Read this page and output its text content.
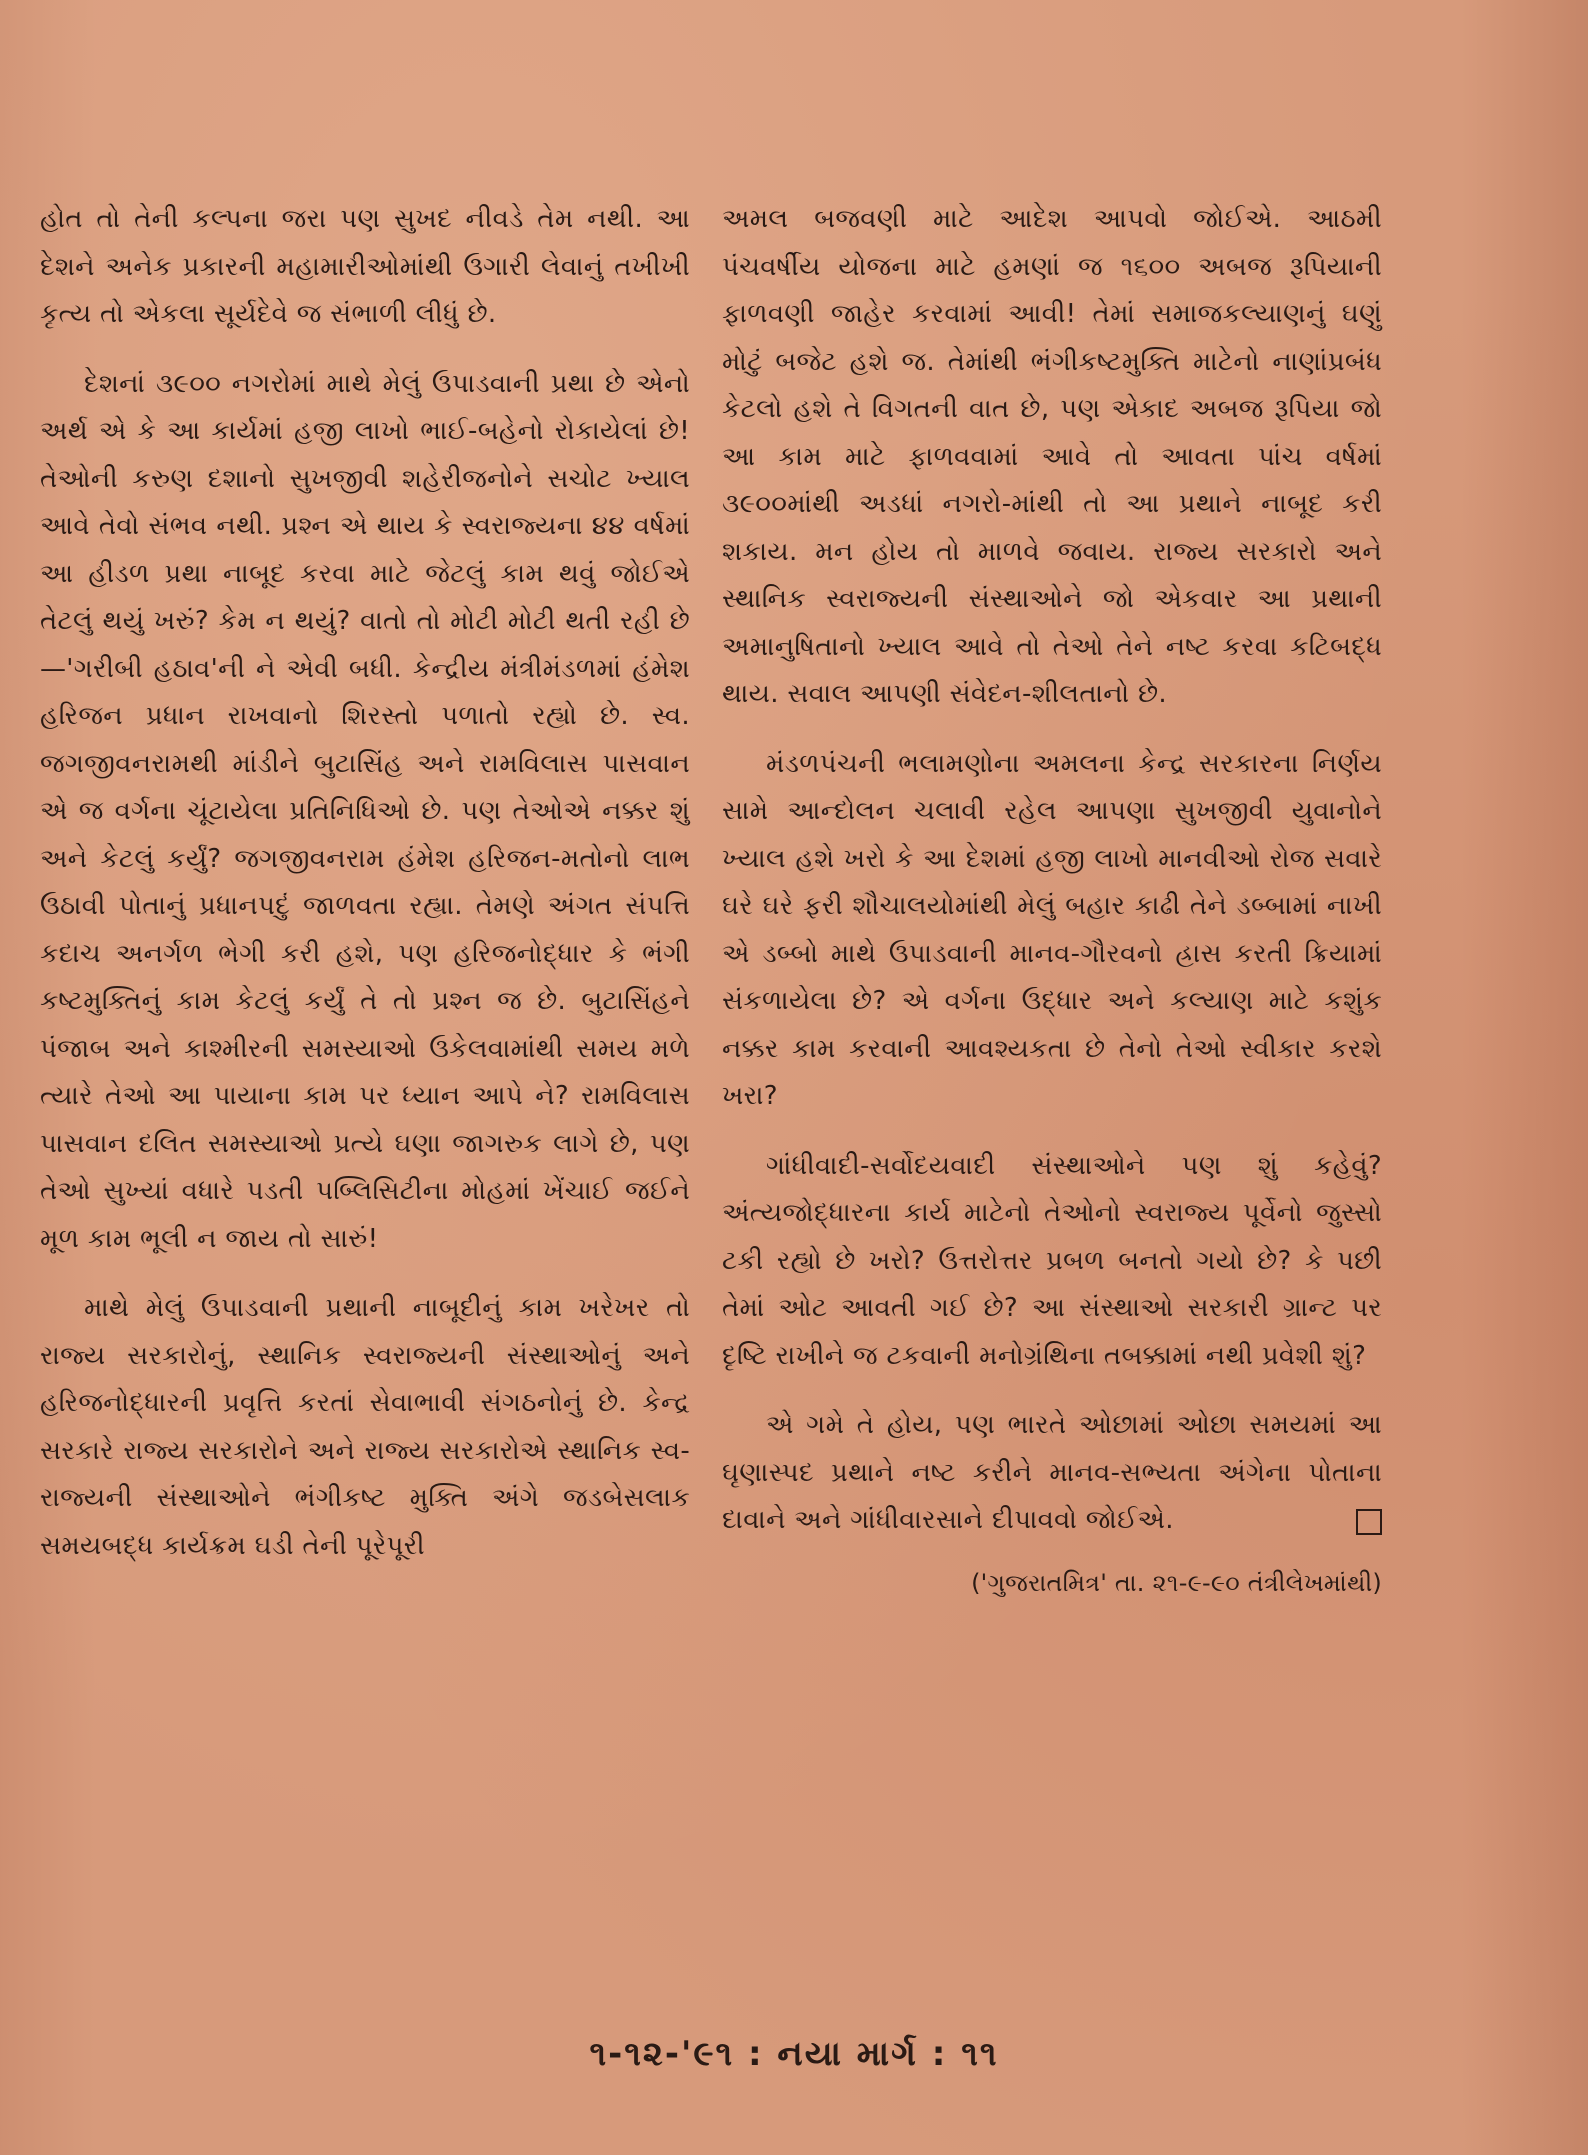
હોત તો તેની કલ્પના જરા પણ સુખદ નીવડે તેમ નથી. આ દેશને અનેક પ્રકારની મહામારીઓમાંથી ઉગારી લેવાનું તખીખી કૃત્ય તો એકલા સૂર્યદેવે જ સંભાળી લીધું છે.

દેશનાં ૩૯૦૦ નગરોમાં માથે મેલું ઉપાડવાની પ્રથા છે એનો અર્થ એ કે આ કાર્યમાં હજી લાખો ભાઈ-બહેનો રોકાયેલાં છે! તેઓની કરુણ દશાનો સુખજીવી શહેરીજનોને સચોટ ખ્યાલ આવે તેવો સંભવ નથી. પ્રશ્ન એ થાય કે સ્વરાજ્યના ૪૪ વર્ષમાં આ હીડળ પ્રથા નાબૂદ કરવા માટે જેટલું કામ થવું જોઈએ તેટલું થયું ખરું? કેમ ન થયું? વાતો તો મોટી મોટી થતી રહી છે—'ગરીબી હઠાવ'ની ને એવી બધી. કેન્દ્રીય મંત્રીમંડળમાં હંમેશ હરિજન પ્રધાન રાખવાનો શિરસ્તો પળાતો રહ્યો છે. સ્વ. જગજીવનરામથી માંડીને બુટાસિંહ અને રામવિલાસ પાસવાન એ જ વર્ગના ચૂંટાયેલા પ્રતિનિધિઓ છે. પણ તેઓએ નક્કર શું અને કેટલું કર્યું? જગજીવનરામ હંમેશ હરિજન-મતોનો લાભ ઉઠાવી પોતાનું પ્રધાનપદું જાળવતા રહ્યા. તેમણે અંગત સંપત્તિ કદાચ અનર્ગળ ભેગી કરી હશે, પણ હરિજનોદ્ધાર કે ભંગી કષ્ટમુક્તિનું કામ કેટલું કર્યું તે તો પ્રશ્ન જ છે. બુટાસિંહને પંજાબ અને કાશ્મીરની સમસ્યાઓ ઉકેલવામાંથી સમય મળે ત્યારે તેઓ આ પાયાના કામ પર ધ્યાન આપે ને? રામવિલાસ પાસવાન દલિત સમસ્યાઓ પ્રત્યે ઘણા જાગરુક લાગે છે, પણ તેઓ સુખ્યાં વધારે પડતી પબ્લિસિટીના મોહમાં ખેંચાઈ જઈને મૂળ કામ ભૂલી ન જાય તો સારું!

માથે મેલું ઉપાડવાની પ્રથાની નાબૂદીનું કામ ખરેખર તો રાજ્ય સરકારોનું, સ્થાનિક સ્વરાજ્યની સંસ્થાઓનું અને હરિજનોદ્ધારની પ્રવૃત્તિ કરતાં સેવાભાવી સંગઠનોનું છે. કેન્દ્ર સરકારે રાજ્ય સરકારોને અને રાજ્ય સરકારોએ સ્થાનિક સ્વ-રાજ્યની સંસ્થાઓને ભંગીકષ્ટ મુક્તિ અંગે જડબેસલાક સમયબદ્ધ કાર્યક્રમ ઘડી તેની પૂરેપૂરી

અમલ બજવણી માટે આદેશ આપવો જોઈએ. આઠમી પંચવર્ષીય યોજના માટે હમણાં જ ૧૬૦૦ અબજ રૂપિયાની ફાળવણી જાહેર કરવામાં આવી! તેમાં સમાજકલ્યાણનું ઘણું મોટું બજેટ હશે જ. તેમાંથી ભંગીકષ્ટમુક્તિ માટેનો નાણાંપ્રબંધ કેટલો હશે તે વિગતની વાત છે, પણ એકાદ અબજ રૂપિયા જો આ કામ માટે ફાળવવામાં આવે તો આવતા પાંચ વર્ષમાં ૩૯૦૦માંથી અડધાં નગરો-માંથી તો આ પ્રથાને નાબૂદ કરી શકાય. મન હોય તો માળવે જવાય. રાજ્ય સરકારો અને સ્થાનિક સ્વરાજ્યની સંસ્થાઓને જો એકવાર આ પ્રથાની અમાનુષિતાનો ખ્યાલ આવે તો તેઓ તેને નષ્ટ કરવા કટિબદ્ધ થાય. સવાલ આપણી સંવેદન-શીલતાનો છે.

મંડળપંચની ભલામણોના અમલના કેન્દ્ર સરકારના નિર્ણય સામે આન્દોલન ચલાવી રહેલ આપણા સુખજીવી યુવાનોને ખ્યાલ હશે ખરો કે આ દેશમાં હજી લાખો માનવીઓ રોજ સવારે ઘરે ઘરે ફરી શૌચાલયોમાંથી મેલું બહાર કાઢી તેને ડબ્બામાં નાખી એ ડબ્બો માથે ઉપાડવાની માનવ-ગૌરવનો હ્રાસ કરતી ક્રિયામાં સંકળાયેલા છે? એ વર્ગના ઉદ્ધાર અને કલ્યાણ માટે કશુંક નક્કર કામ કરવાની આવશ્યકતા છે તેનો તેઓ સ્વીકાર કરશે ખરા?

ગાંધીવાદી-સર્વોદયવાદી સંસ્થાઓને પણ શું કહેવું? અંત્યજોદ્ધારના કાર્ય માટેનો તેઓનો સ્વરાજ્ય પૂર્વેનો જુસ્સો ટકી રહ્યો છે ખરો? ઉત્તરોત્તર પ્રબળ બનતો ગયો છે? કે પછી તેમાં ઓટ આવતી ગઈ છે? આ સંસ્થાઓ સરકારી ગ્રાન્ટ પર દૃષ્ટિ રાખીને જ ટકવાની મનોગ્રંથિના તબક્કામાં નથી પ્રવેશી શું?

એ ગમે તે હોય, પણ ભારતે ઓછામાં ઓછા સમયમાં આ ઘૃણાસ્પદ પ્રથાને નષ્ટ કરીને માનવ-સભ્યતા અંગેના પોતાના દાવાને અને ગાંધીવારસાને દીપાવવો જોઈએ.

('ગુજરાતમિત્ર' તા. ૨૧-૯-૯૦ તંત્રીલેખમાંથી)
૧-૧૨-'૯૧ : નયા માર્ગ : ૧૧
